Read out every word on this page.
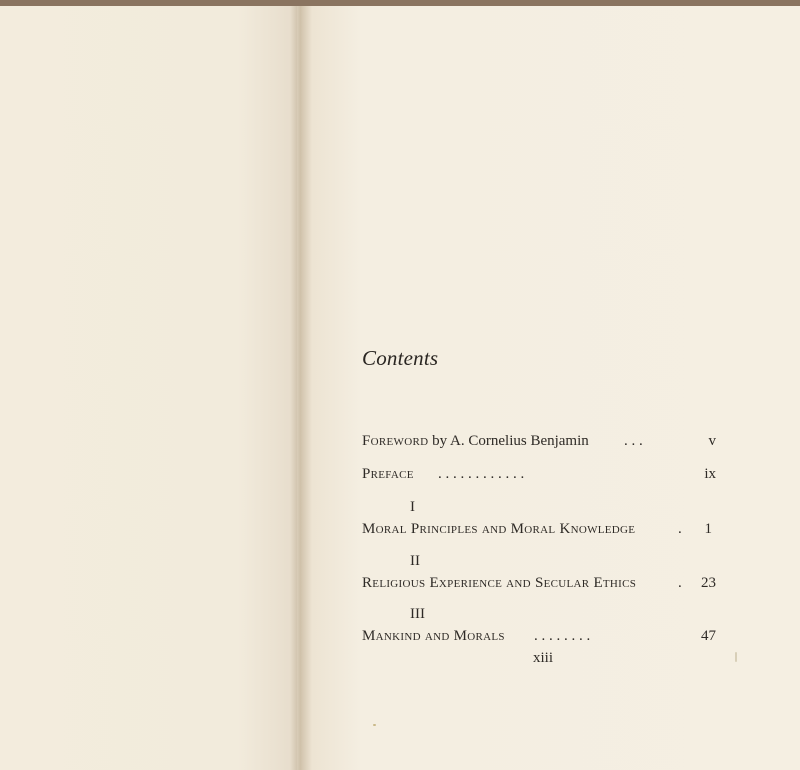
Contents
Foreword by A. Cornelius Benjamin . . .	v
Preface . . . . . . . . . . . .	ix
I
Moral Principles and Moral Knowledge	. 1
II
Religious Experience and Secular Ethics	. 23
III
Mankind and Morals . . . . . . . .	47
xiii
